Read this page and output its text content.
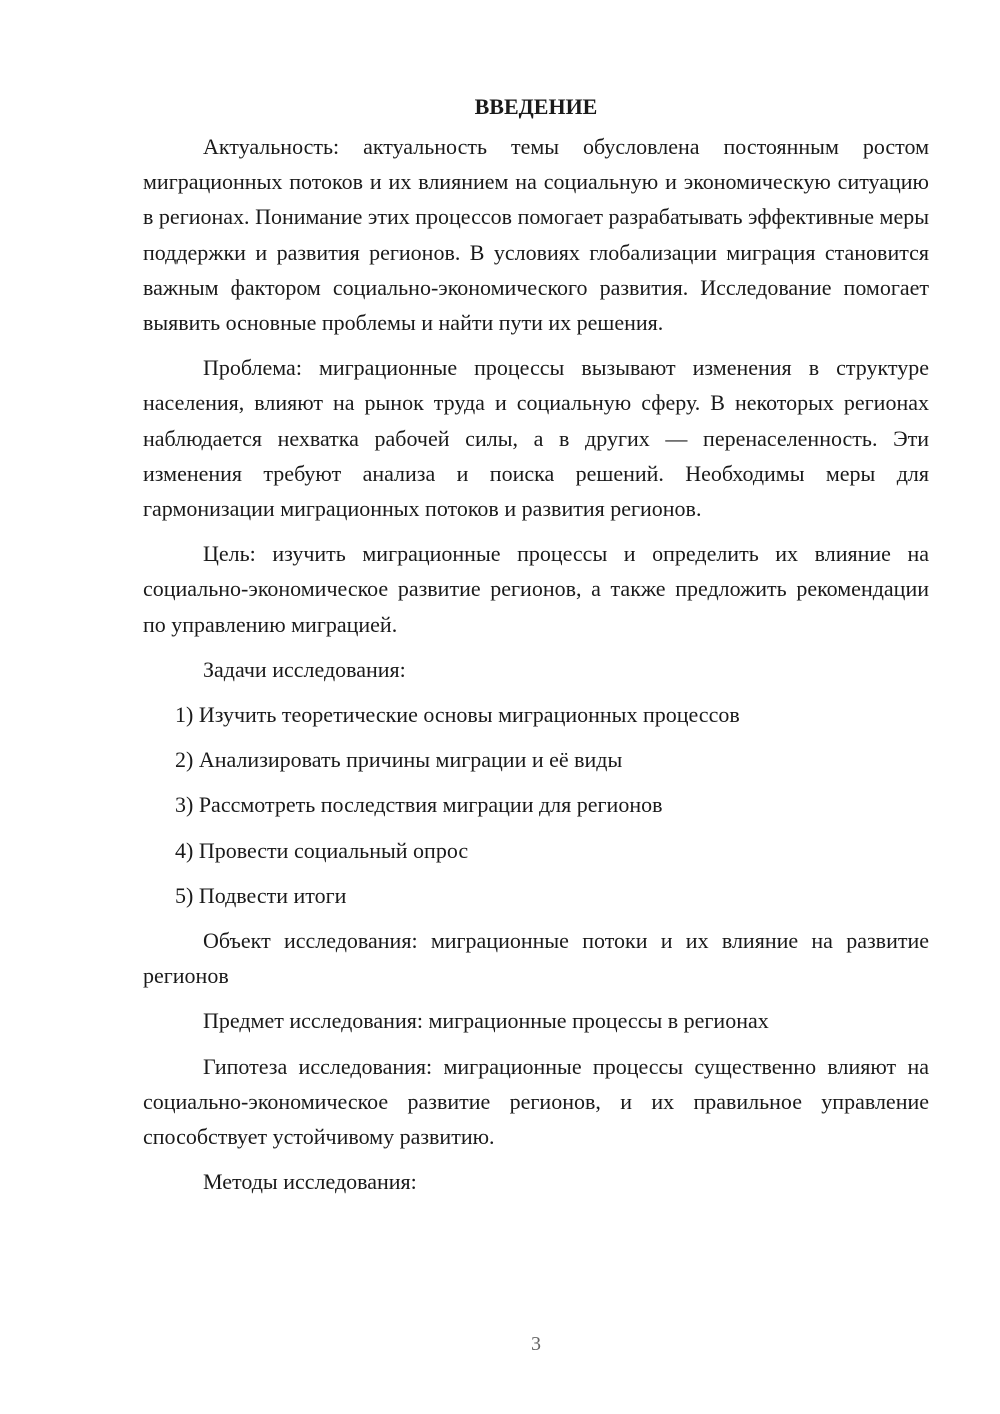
ВВЕДЕНИЕ

Актуальность: актуальность темы обусловлена постоянным ростом миграционных потоков и их влиянием на социальную и экономическую ситуацию в регионах. Понимание этих процессов помогает разрабатывать эффективные меры поддержки и развития регионов. В условиях глобализации миграция становится важным фактором социально-экономического развития. Исследование помогает выявить основные проблемы и найти пути их решения.

Проблема: миграционные процессы вызывают изменения в структуре населения, влияют на рынок труда и социальную сферу. В некоторых регионах наблюдается нехватка рабочей силы, а в других — перенаселенность. Эти изменения требуют анализа и поиска решений. Необходимы меры для гармонизации миграционных потоков и развития регионов.

Цель: изучить миграционные процессы и определить их влияние на социально-экономическое развитие регионов, а также предложить рекомендации по управлению миграцией.

Задачи исследования:

1) Изучить теоретические основы миграционных процессов
2) Анализировать причины миграции и её виды
3) Рассмотреть последствия миграции для регионов
4) Провести социальный опрос
5) Подвести итоги

Объект исследования: миграционные потоки и их влияние на развитие регионов

Предмет исследования: миграционные процессы в регионах

Гипотеза исследования: миграционные процессы существенно влияют на социально-экономическое развитие регионов, и их правильное управление способствует устойчивому развитию.

Методы исследования:

3
